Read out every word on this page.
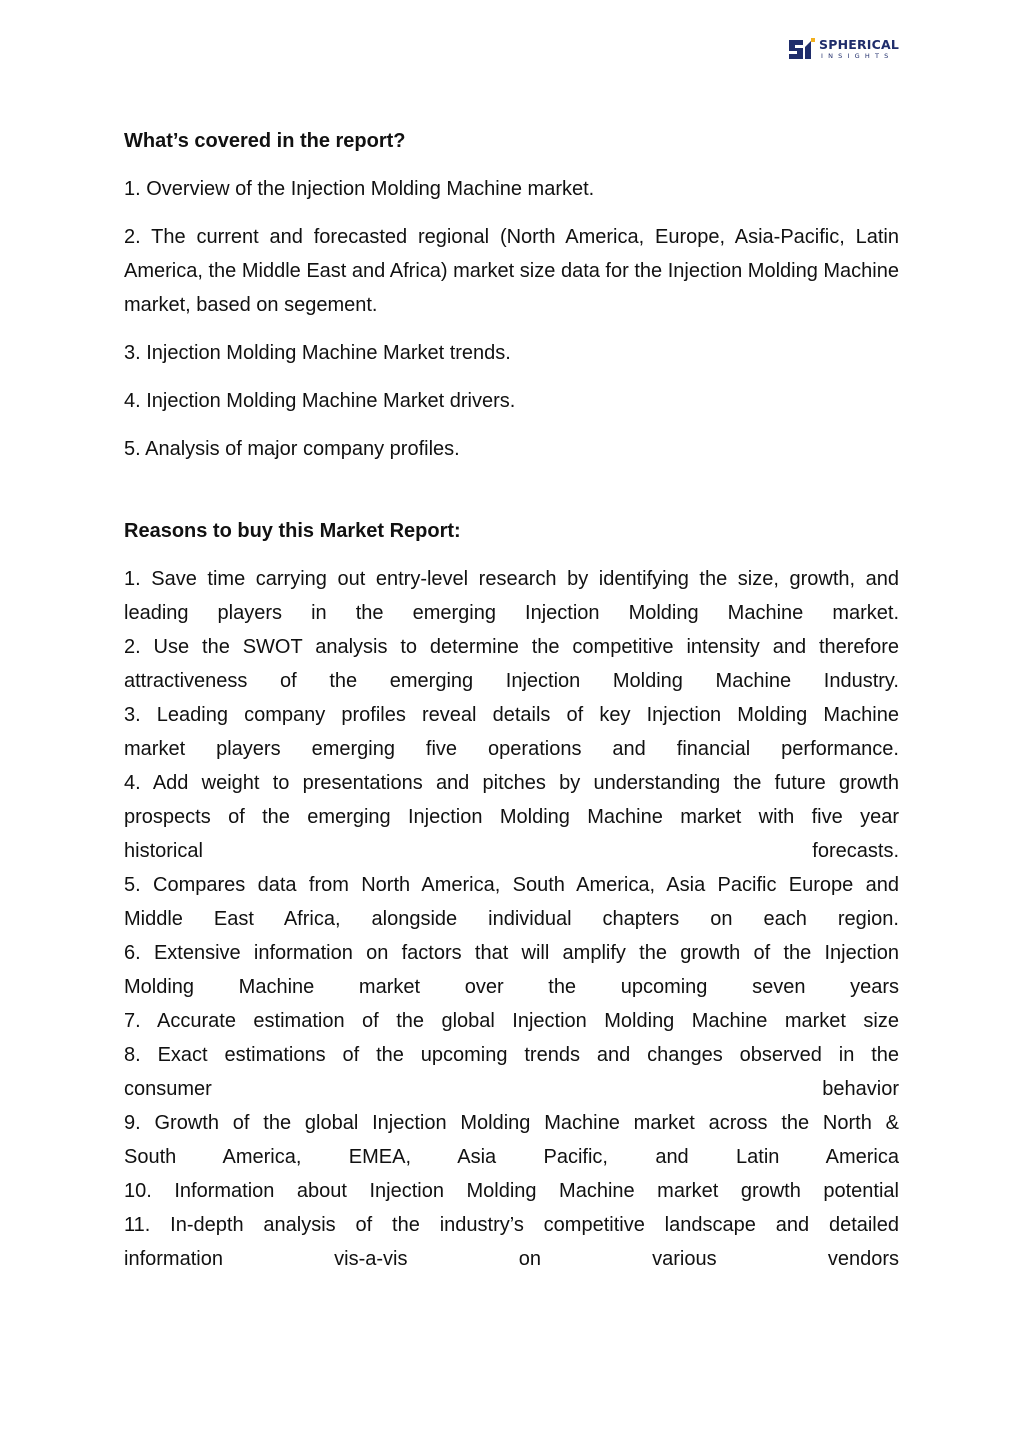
SPHERICAL
INSIGHTS

What’s covered in the report?

1. Overview of the Injection Molding Machine market.

2. The current and forecasted regional (North America, Europe, Asia-Pacific, Latin America, the Middle East and Africa) market size data for the Injection Molding Machine market, based on segement.

3. Injection Molding Machine Market trends.

4. Injection Molding Machine Market drivers.

5. Analysis of major company profiles.

Reasons to buy this Market Report:

1. Save time carrying out entry-level research by identifying the size, growth, and
leading players in the emerging Injection Molding Machine market.
2. Use the SWOT analysis to determine the competitive intensity and therefore
attractiveness of the emerging Injection Molding Machine Industry.
3. Leading company profiles reveal details of key Injection Molding Machine
market players emerging five operations and financial performance.
4. Add weight to presentations and pitches by understanding the future growth
prospects of the emerging Injection Molding Machine market with five year
historical forecasts.
5. Compares data from North America, South America, Asia Pacific Europe and
Middle East Africa, alongside individual chapters on each region.
6. Extensive information on factors that will amplify the growth of the Injection
Molding Machine market over the upcoming seven years
7. Accurate estimation of the global Injection Molding Machine market size
8. Exact estimations of the upcoming trends and changes observed in the
consumer behavior
9. Growth of the global Injection Molding Machine market across the North &
South America, EMEA, Asia Pacific, and Latin America
10. Information about Injection Molding Machine market growth potential
11. In-depth analysis of the industry’s competitive landscape and detailed
information vis-a-vis on various vendors
